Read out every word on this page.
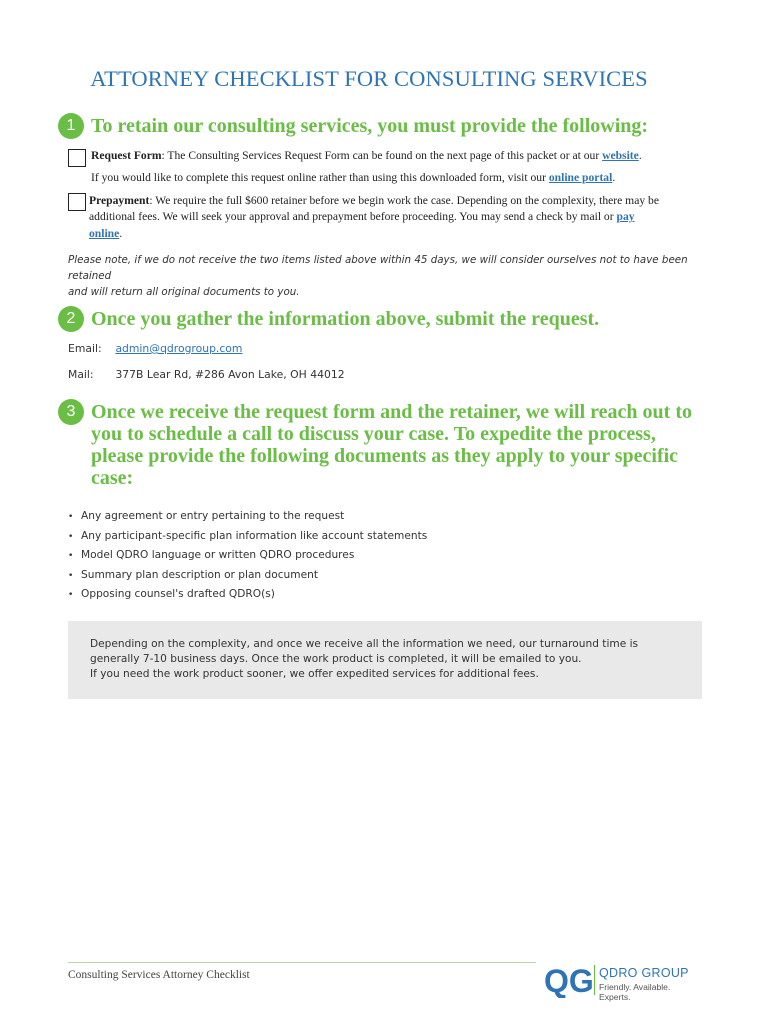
ATTORNEY CHECKLIST FOR CONSULTING SERVICES
1 To retain our consulting services, you must provide the following:
Request Form: The Consulting Services Request Form can be found on the next page of this packet or at our website.
If you would like to complete this request online rather than using this downloaded form, visit our online portal.
Prepayment: We require the full $600 retainer before we begin work the case. Depending on the complexity, there may be
additional fees. We will seek your approval and prepayment before proceeding. You may send a check by mail or pay
online.
Please note, if we do not receive the two items listed above within 45 days, we will consider ourselves not to have been retained
and will return all original documents to you.
2 Once you gather the information above, submit the request.
Email: admin@qdrogroup.com
Mail: 377B Lear Rd, #286 Avon Lake, OH 44012
3 Once we receive the request form and the retainer, we will reach out to
you to schedule a call to discuss your case. To expedite the process,
please provide the following documents as they apply to your specific
case:
• Any agreement or entry pertaining to the request
• Any participant-specific plan information like account statements
• Model QDRO language or written QDRO procedures
• Summary plan description or plan document
• Opposing counsel's drafted QDRO(s)

Depending on the complexity, and once we receive all the information we need, our turnaround time is
generally 7-10 business days. Once the work product is completed, it will be emailed to you.
If you need the work product sooner, we offer expedited services for additional fees.

Consulting Services Attorney Checklist	QG QDRO GROUP
Friendly. Available. Experts.
